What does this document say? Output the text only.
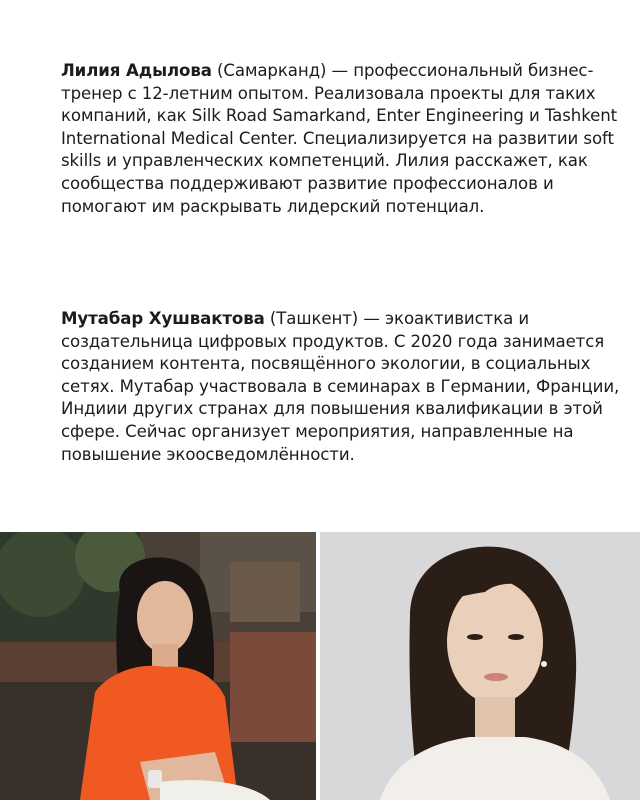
Лилия Адылова (Самарканд) — профессиональный бизнес-тренер с 12-летним опытом. Реализовала проекты для таких компаний, как Silk Road Samarkand, Enter Engineering и Tashkent International Medical Center. Специализируется на развитии soft skills и управленческих компетенций. Лилия расскажет, как сообщества поддерживают развитие профессионалов и помогают им раскрывать лидерский потенциал.

Мутабар Хушвактова (Ташкент) — экоактивистка и создательница цифровых продуктов. С 2020 года занимается созданием контента, посвящённого экологии, в социальных сетях. Мутабар участвовала в семинарах в Германии, Франции, Индиии других странах для повышения квалификации в этой сфере. Сейчас организует мероприятия, направленные на повышение экоосведомлённости.
